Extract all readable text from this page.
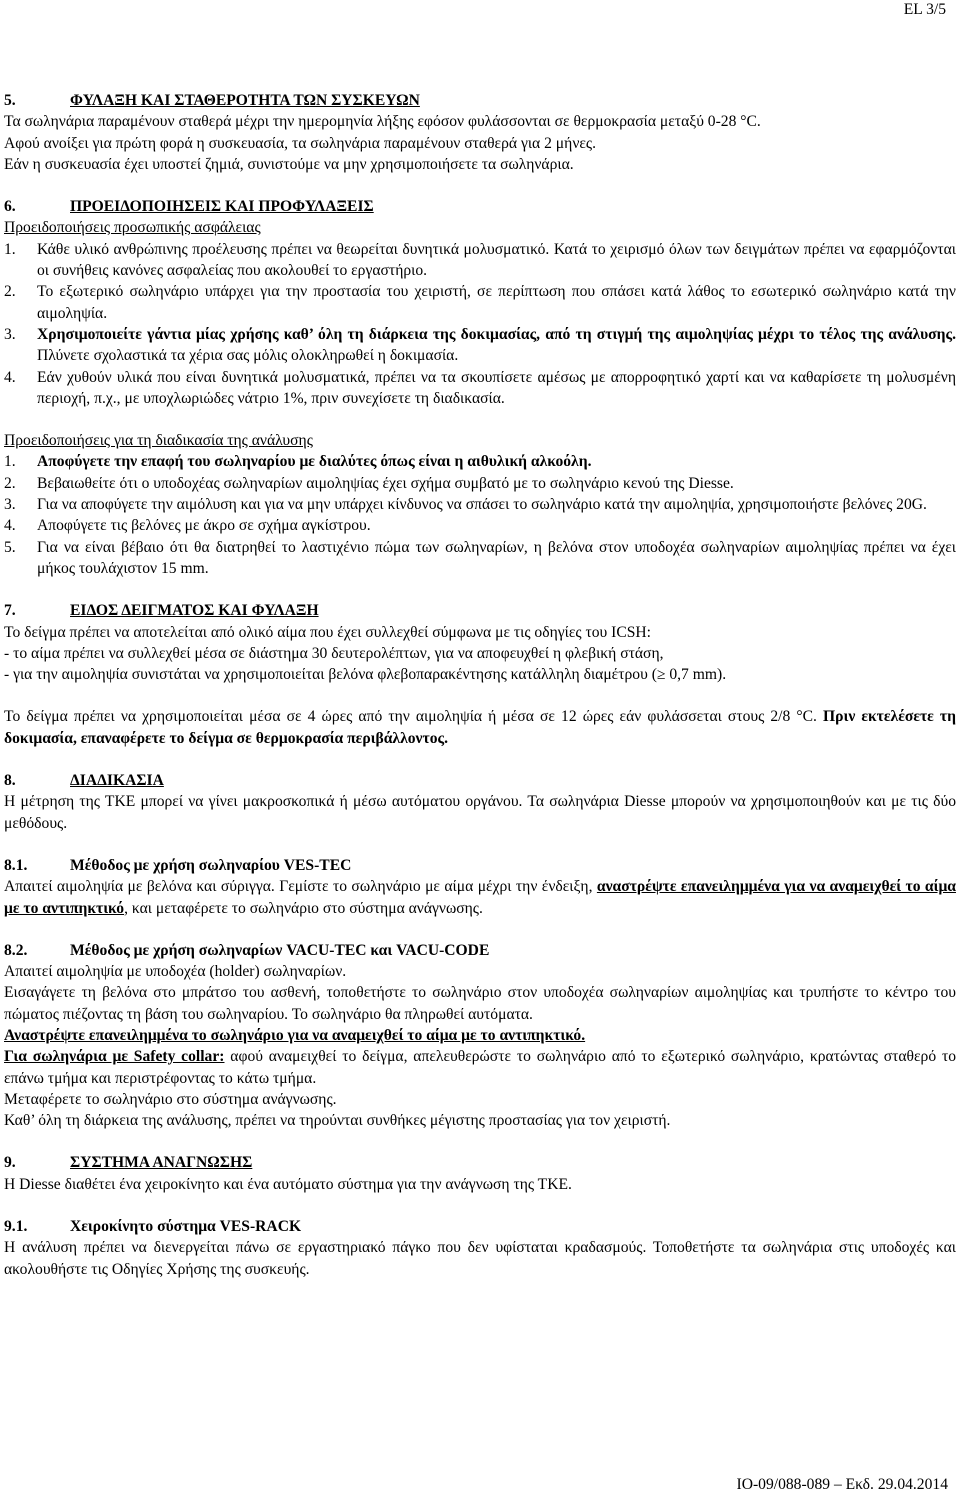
EL 3/5

5.	ΦΥΛΑΞΗ ΚΑΙ ΣΤΑΘΕΡΟΤΗΤΑ ΤΩΝ ΣΥΣΚΕΥΩΝ

Τα σωληνάρια παραμένουν σταθερά μέχρι την ημερομηνία λήξης εφόσον φυλάσσονται σε θερμοκρασία μεταξύ 0-28 °C.

Αφού ανοίξει για πρώτη φορά η συσκευασία, τα σωληνάρια παραμένουν σταθερά για 2 μήνες.

Εάν η συσκευασία έχει υποστεί ζημιά, συνιστούμε να μην χρησιμοποιήσετε τα σωληνάρια.

6.	ΠΡΟΕΙΔΟΠΟΙΗΣΕΙΣ ΚΑΙ ΠΡΟΦΥΛΑΞΕΙΣ

Προειδοποιήσεις προσωπικής ασφάλειας

1.	Κάθε υλικό ανθρώπινης προέλευσης πρέπει να θεωρείται δυνητικά μολυσματικό. Κατά το χειρισμό όλων των δειγμάτων πρέπει να εφαρμόζονται οι συνήθεις κανόνες ασφαλείας που ακολουθεί το εργαστήριο.
2.	Το εξωτερικό σωληνάριο υπάρχει για την προστασία του χειριστή, σε περίπτωση που σπάσει κατά λάθος το εσωτερικό σωληνάριο κατά την αιμοληψία.
3.	Χρησιμοποιείτε γάντια μίας χρήσης καθ’ όλη τη διάρκεια της δοκιμασίας, από τη στιγμή της αιμοληψίας μέχρι το τέλος της ανάλυσης. Πλύνετε σχολαστικά τα χέρια σας μόλις ολοκληρωθεί η δοκιμασία.
4.	Εάν χυθούν υλικά που είναι δυνητικά μολυσματικά, πρέπει να τα σκουπίσετε αμέσως με απορροφητικό χαρτί και να καθαρίσετε τη μολυσμένη περιοχή, π.χ., με υποχλωριώδες νάτριο 1%, πριν συνεχίσετε τη διαδικασία.

Προειδοποιήσεις για τη διαδικασία της ανάλυσης

1.	Αποφύγετε την επαφή του σωληναρίου με διαλύτες όπως είναι η αιθυλική αλκοόλη.
2.	Βεβαιωθείτε ότι ο υποδοχέας σωληναρίων αιμοληψίας έχει σχήμα συμβατό με το σωληνάριο κενού της Diesse.
3.	Για να αποφύγετε την αιμόλυση και για να μην υπάρχει κίνδυνος να σπάσει το σωληνάριο κατά την αιμοληψία, χρησιμοποιήστε βελόνες 20G.
4.	Αποφύγετε τις βελόνες με άκρο σε σχήμα αγκίστρου.
5.	Για να είναι βέβαιο ότι θα διατρηθεί το λαστιχένιο πώμα των σωληναρίων, η βελόνα στον υποδοχέα σωληναρίων αιμοληψίας πρέπει να έχει μήκος τουλάχιστον 15 mm.

7.	ΕΙΔΟΣ ΔΕΙΓΜΑΤΟΣ ΚΑΙ ΦΥΛΑΞΗ

Το δείγμα πρέπει να αποτελείται από ολικό αίμα που έχει συλλεχθεί σύμφωνα με τις οδηγίες του ICSH:

- το αίμα πρέπει να συλλεχθεί μέσα σε διάστημα 30 δευτερολέπτων, για να αποφευχθεί η φλεβική στάση,

- για την αιμοληψία συνιστάται να χρησιμοποιείται βελόνα φλεβοπαρακέντησης κατάλληλη διαμέτρου (≥ 0,7 mm).

Το δείγμα πρέπει να χρησιμοποιείται μέσα σε 4 ώρες από την αιμοληψία ή μέσα σε 12 ώρες εάν φυλάσσεται στους 2/8 °C. Πριν εκτελέσετε τη δοκιμασία, επαναφέρετε το δείγμα σε θερμοκρασία περιβάλλοντος.

8.	ΔΙΑΔΙΚΑΣΙΑ

Η μέτρηση της ΤΚΕ μπορεί να γίνει μακροσκοπικά ή μέσω αυτόματου οργάνου. Τα σωληνάρια Diesse μπορούν να χρησιμοποιηθούν και με τις δύο μεθόδους.

8.1.	Μέθοδος με χρήση σωληναρίου VES-TEC

Απαιτεί αιμοληψία με βελόνα και σύριγγα. Γεμίστε το σωληνάριο με αίμα μέχρι την ένδειξη, αναστρέψτε επανειλημμένα για να αναμειχθεί το αίμα με το αντιπηκτικό, και μεταφέρετε το σωληνάριο στο σύστημα ανάγνωσης.

8.2.	Μέθοδος με χρήση σωληναρίων VACU-TEC και VACU-CODE

Απαιτεί αιμοληψία με υποδοχέα (holder) σωληναρίων.

Εισαγάγετε τη βελόνα στο μπράτσο του ασθενή, τοποθετήστε το σωληνάριο στον υποδοχέα σωληναρίων αιμοληψίας και τρυπήστε το κέντρο του πώματος πιέζοντας τη βάση του σωληναρίου. Το σωληνάριο θα πληρωθεί αυτόματα.

Αναστρέψτε επανειλημμένα το σωληνάριο για να αναμειχθεί το αίμα με το αντιπηκτικό.

Για σωληνάρια με Safety collar: αφού αναμειχθεί το δείγμα, απελευθερώστε το σωληνάριο από το εξωτερικό σωληνάριο, κρατώντας σταθερό το επάνω τμήμα και περιστρέφοντας το κάτω τμήμα.

Μεταφέρετε το σωληνάριο στο σύστημα ανάγνωσης.

Καθ’ όλη τη διάρκεια της ανάλυσης, πρέπει να τηρούνται συνθήκες μέγιστης προστασίας για τον χειριστή.

9.	ΣΥΣΤΗΜΑ ΑΝΑΓΝΩΣΗΣ

Η Diesse διαθέτει ένα χειροκίνητο και ένα αυτόματο σύστημα για την ανάγνωση της ΤΚΕ.

9.1.	Χειροκίνητο σύστημα VES-RACK

Η ανάλυση πρέπει να διενεργείται πάνω σε εργαστηριακό πάγκο που δεν υφίσταται κραδασμούς. Τοποθετήστε τα σωληνάρια στις υποδοχές και ακολουθήστε τις Οδηγίες Χρήσης της συσκευής.

IO-09/088-089 – Εκδ. 29.04.2014
